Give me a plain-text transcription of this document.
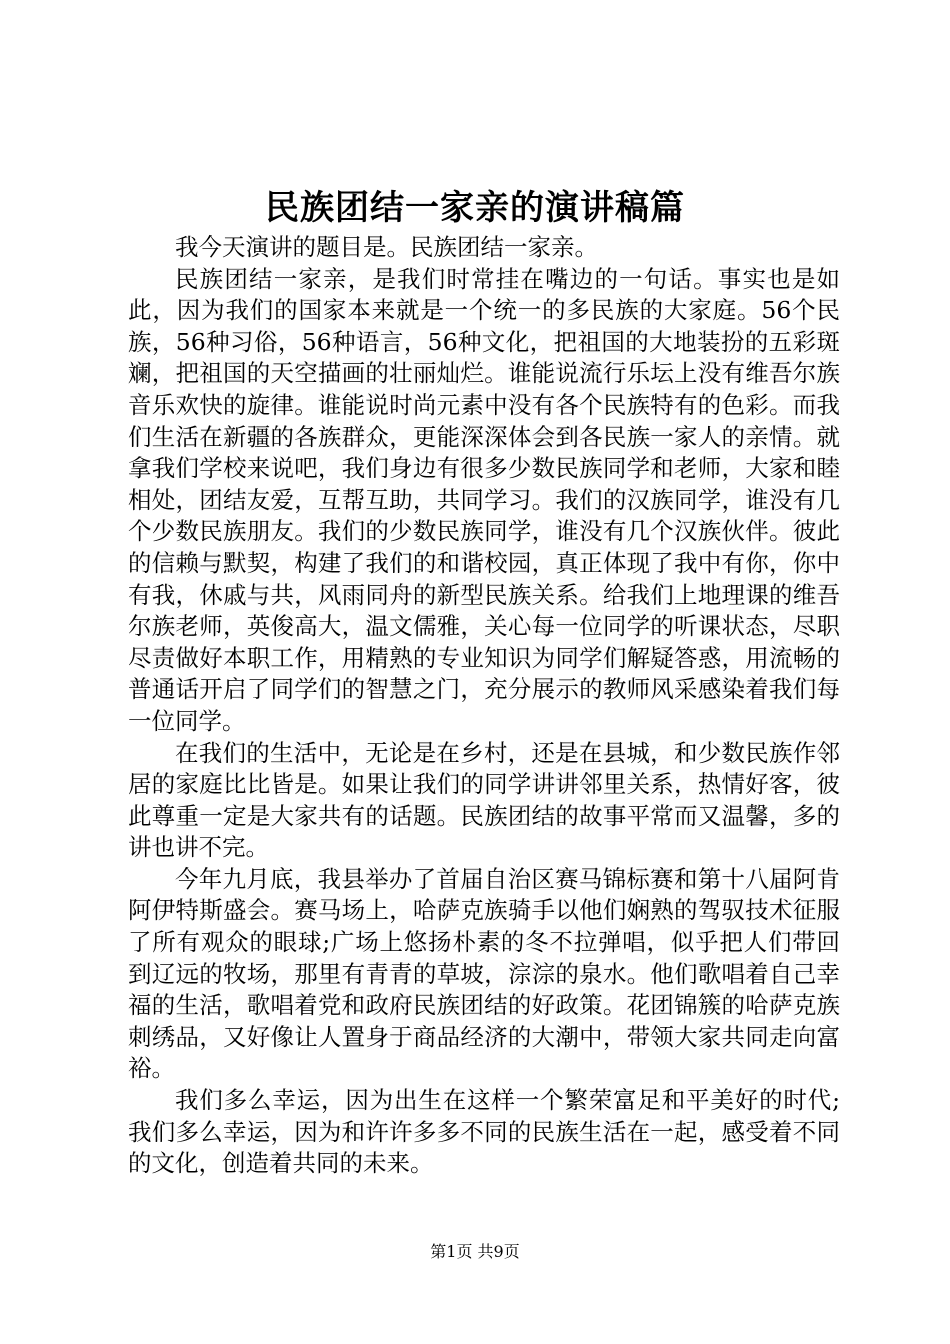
民族团结一家亲的演讲稿篇

我今天演讲的题目是。民族团结一家亲。

民族团结一家亲，是我们时常挂在嘴边的一句话。事实也是如此，因为我们的国家本来就是一个统一的多民族的大家庭。56个民族，56种习俗，56种语言，56种文化，把祖国的大地装扮的五彩斑斓，把祖国的天空描画的壮丽灿烂。谁能说流行乐坛上没有维吾尔族音乐欢快的旋律。谁能说时尚元素中没有各个民族特有的色彩。而我们生活在新疆的各族群众，更能深深体会到各民族一家人的亲情。就拿我们学校来说吧，我们身边有很多少数民族同学和老师，大家和睦相处，团结友爱，互帮互助，共同学习。我们的汉族同学，谁没有几个少数民族朋友。我们的少数民族同学，谁没有几个汉族伙伴。彼此的信赖与默契，构建了我们的和谐校园，真正体现了我中有你，你中有我，休戚与共，风雨同舟的新型民族关系。给我们上地理课的维吾尔族老师，英俊高大，温文儒雅，关心每一位同学的听课状态，尽职尽责做好本职工作，用精熟的专业知识为同学们解疑答惑，用流畅的普通话开启了同学们的智慧之门，充分展示的教师风采感染着我们每一位同学。

在我们的生活中，无论是在乡村，还是在县城，和少数民族作邻居的家庭比比皆是。如果让我们的同学讲讲邻里关系，热情好客，彼此尊重一定是大家共有的话题。民族团结的故事平常而又温馨，多的讲也讲不完。

今年九月底，我县举办了首届自治区赛马锦标赛和第十八届阿肯阿伊特斯盛会。赛马场上，哈萨克族骑手以他们娴熟的驾驭技术征服了所有观众的眼球;广场上悠扬朴素的冬不拉弹唱，似乎把人们带回到辽远的牧场，那里有青青的草坡，淙淙的泉水。他们歌唱着自己幸福的生活，歌唱着党和政府民族团结的好政策。花团锦簇的哈萨克族刺绣品，又好像让人置身于商品经济的大潮中，带领大家共同走向富裕。

我们多么幸运，因为出生在这样一个繁荣富足和平美好的时代;我们多么幸运，因为和许许多多不同的民族生活在一起，感受着不同的文化，创造着共同的未来。

第1页 共9页
